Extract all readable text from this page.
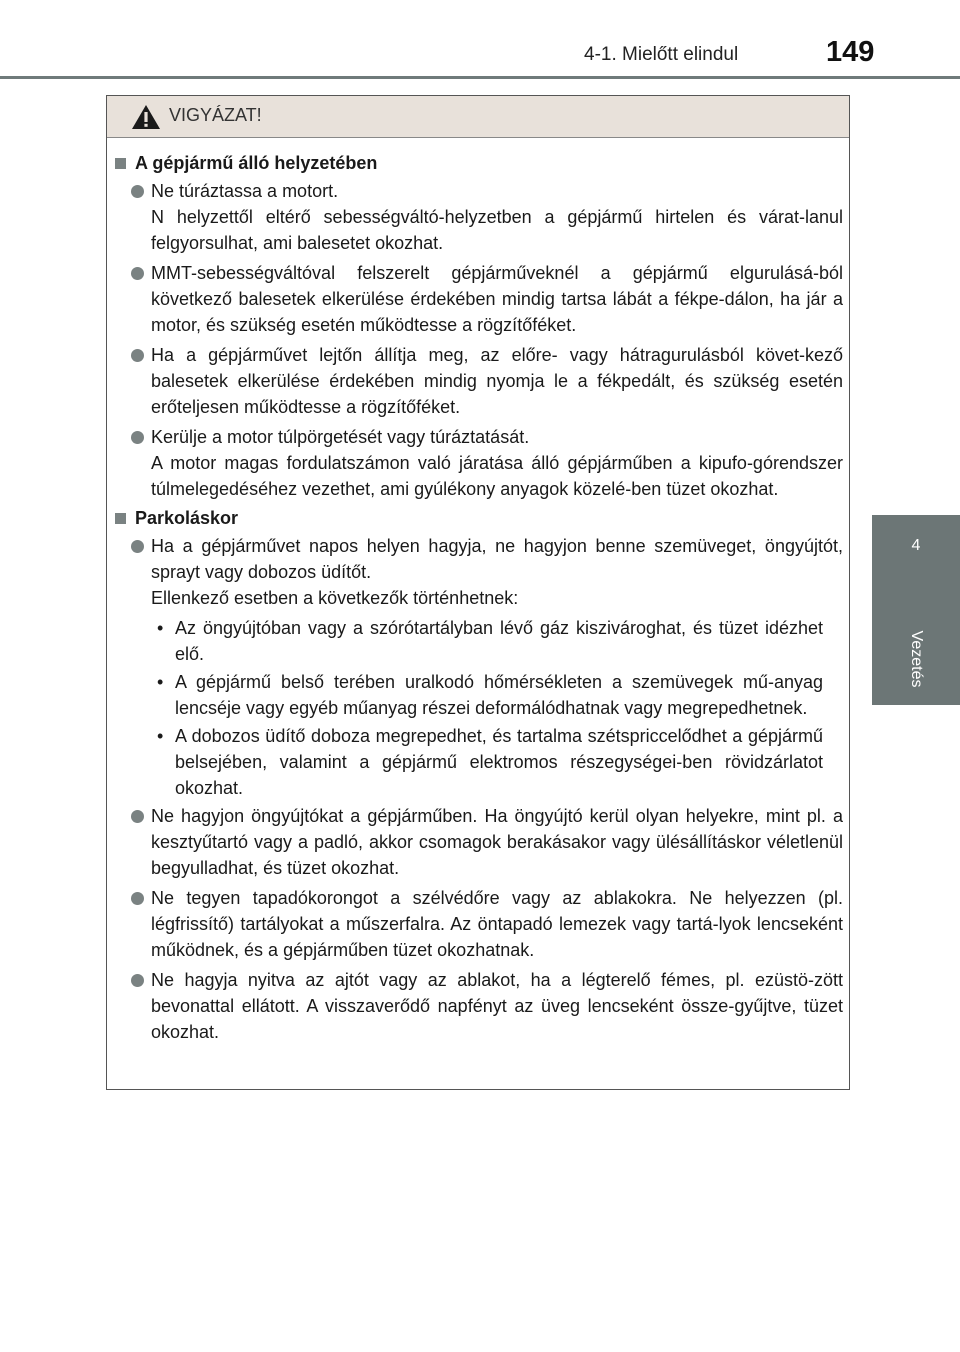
4-1. Mielőtt elindul	149
4
Vezetés
VIGYÁZAT!
A gépjármű álló helyzetében

Ne túráztassa a motort.

N helyzettől eltérő sebességváltó-helyzetben a gépjármű hirtelen és várat-lanul felgyorsulhat, ami balesetet okozhat.

MMT-sebességváltóval felszerelt gépjárműveknél a gépjármű elgurulásá-ból következő balesetek elkerülése érdekében mindig tartsa lábát a fékpe-dálon, ha jár a motor, és szükség esetén működtesse a rögzítőféket.

Ha a gépjárművet lejtőn állítja meg, az előre- vagy hátragurulásból követ-kező balesetek elkerülése érdekében mindig nyomja le a fékpedált, és szükség esetén erőteljesen működtesse a rögzítőféket.

Kerülje a motor túlpörgetését vagy túráztatását.

A motor magas fordulatszámon való járatása álló gépjárműben a kipufo-górendszer túlmelegedéséhez vezethet, ami gyúlékony anyagok közelé-ben tüzet okozhat.

Parkoláskor

Ha a gépjárművet napos helyen hagyja, ne hagyjon benne szemüveget, öngyújtót, sprayt vagy dobozos üdítőt.

Ellenkező esetben a következők történhetnek:

• Az öngyújtóban vagy a szórótartályban lévő gáz kiszivároghat, és tüzet idézhet elő.
• A gépjármű belső terében uralkodó hőmérsékleten a szemüvegek mű-anyag lencséje vagy egyéb műanyag részei deformálódhatnak vagy megrepedhetnek.
• A dobozos üdítő doboza megrepedhet, és tartalma szétspriccelődhet a gépjármű belsejében, valamint a gépjármű elektromos részegységei-ben rövidzárlatot okozhat.

Ne hagyjon öngyújtókat a gépjárműben. Ha öngyújtó kerül olyan helyekre, mint pl. a kesztyűtartó vagy a padló, akkor csomagok berakásakor vagy ülésállításkor véletlenül begyulladhat, és tüzet okozhat.

Ne tegyen tapadókorongot a szélvédőre vagy az ablakokra. Ne helyezzen (pl. légfrissítő) tartályokat a műszerfalra. Az öntapadó lemezek vagy tartá-lyok lencseként működnek, és a gépjárműben tüzet okozhatnak.

Ne hagyja nyitva az ajtót vagy az ablakot, ha a légterelő fémes, pl. ezüstö-zött bevonattal ellátott. A visszaverődő napfényt az üveg lencseként össze-gyűjtve, tüzet okozhat.
